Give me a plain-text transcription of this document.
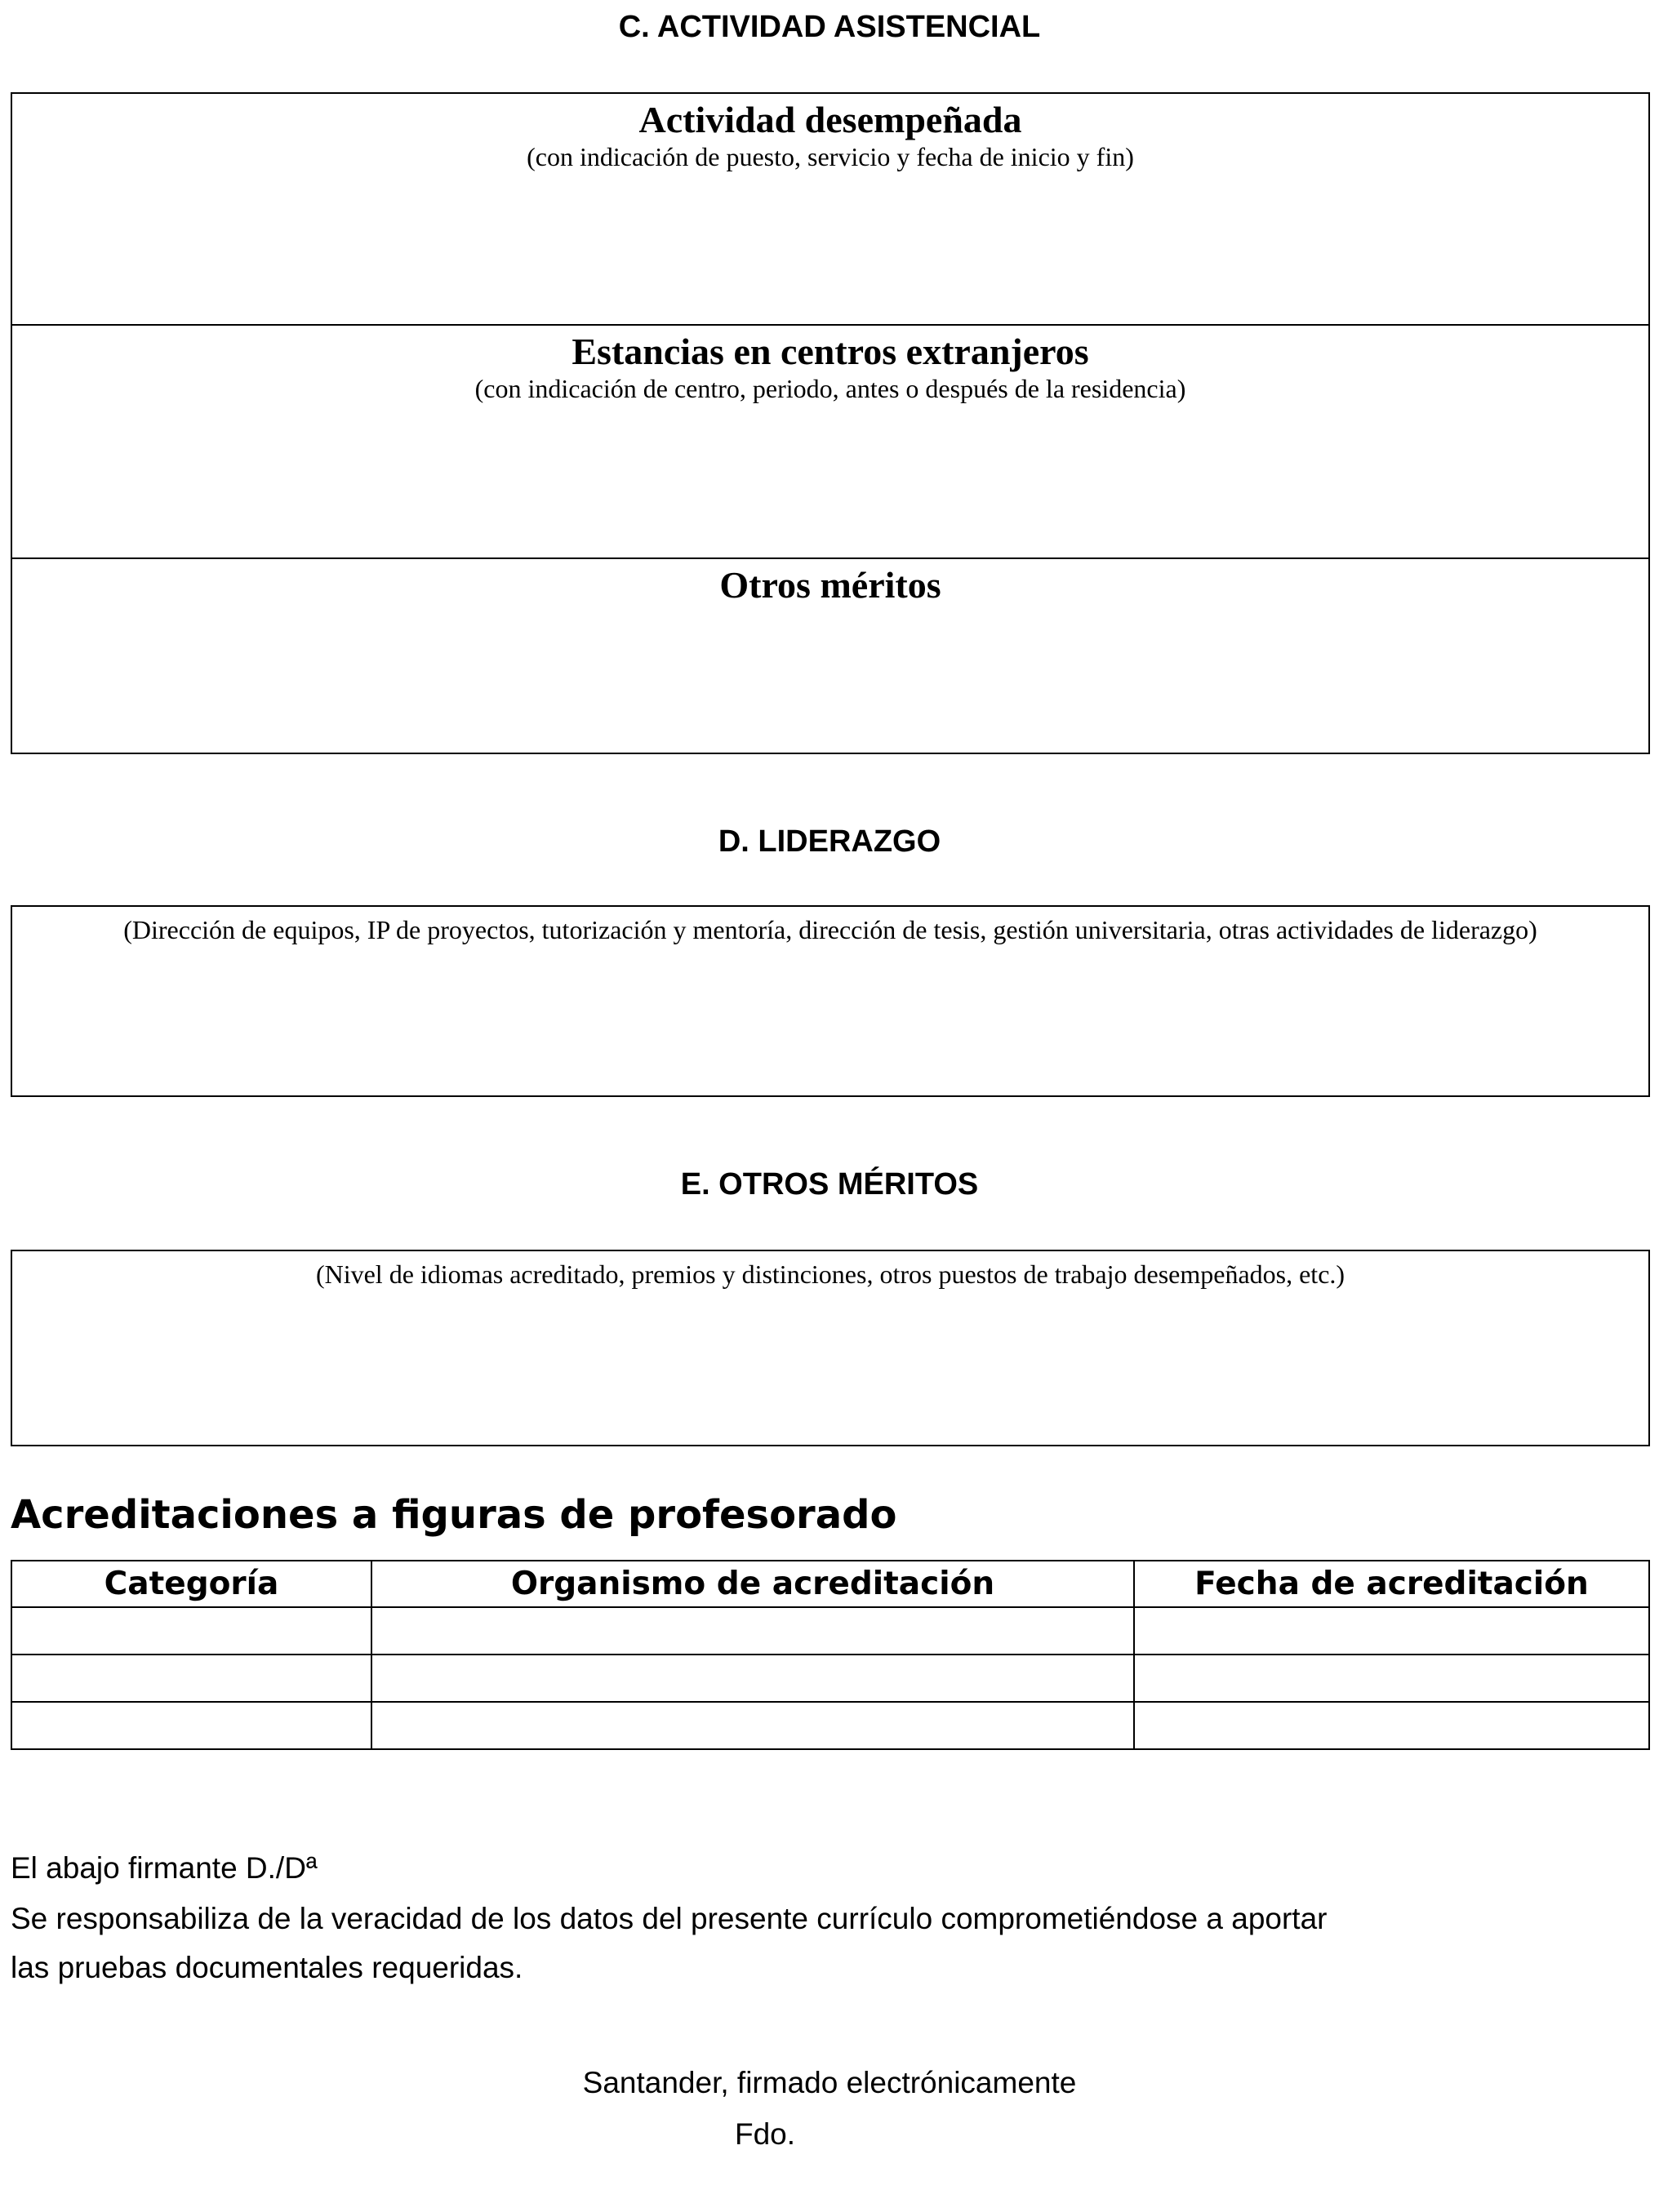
C. ACTIVIDAD ASISTENCIAL
Actividad desempeñada
(con indicación de puesto, servicio y fecha de inicio y fin)
Estancias en centros extranjeros
(con indicación de centro, periodo, antes o después de la residencia)
Otros méritos
D. LIDERAZGO
(Dirección de equipos, IP de proyectos, tutorización y mentoría, dirección de tesis, gestión universitaria, otras actividades de liderazgo)
E. OTROS MÉRITOS
(Nivel de idiomas acreditado, premios y distinciones, otros puestos de trabajo desempeñados, etc.)
Acreditaciones a figuras de profesorado
Categoría	Organismo de acreditación	Fecha de acreditación

El abajo firmante D./Dª
Se responsabiliza de la veracidad de los datos del presente currículo comprometiéndose a aportar
las pruebas documentales requeridas.
Santander, firmado electrónicamente
Fdo.
